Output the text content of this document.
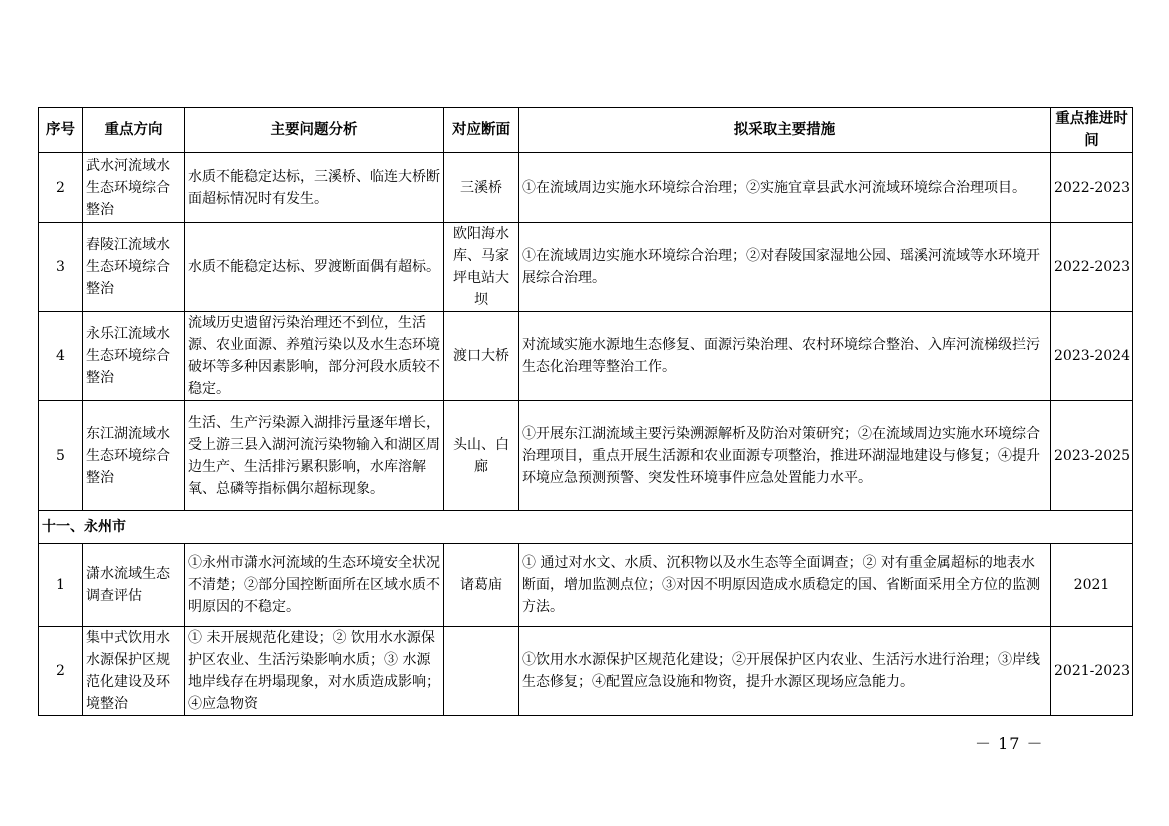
序号	重点方向	主要问题分析	对应断面	拟采取主要措施	重点推进时间
2	武水河流域水生态环境综合整治	水质不能稳定达标，三溪桥、临连大桥断面超标情况时有发生。	三溪桥	①在流域周边实施水环境综合治理；②实施宜章县武水河流域环境综合治理项目。	2022-2023
3	舂陵江流域水生态环境综合整治	水质不能稳定达标、罗渡断面偶有超标。	欧阳海水库、马家坪电站大坝	①在流域周边实施水环境综合治理；②对舂陵国家湿地公园、瑶溪河流域等水环境开展综合治理。	2022-2023
4	永乐江流域水生态环境综合整治	流域历史遗留污染治理还不到位，生活源、农业面源、养殖污染以及水生态环境破坏等多种因素影响，部分河段水质较不稳定。	渡口大桥	对流域实施水源地生态修复、面源污染治理、农村环境综合整治、入库河流梯级拦污生态化治理等整治工作。	2023-2024
5	东江湖流域水生态环境综合整治	生活、生产污染源入湖排污量逐年增长，受上游三县入湖河流污染物输入和湖区周边生产、生活排污累积影响，水库溶解氧、总磷等指标偶尔超标现象。	头山、白廊	①开展东江湖流域主要污染溯源解析及防治对策研究；②在流域周边实施水环境综合治理项目，重点开展生活源和农业面源专项整治，推进环湖湿地建设与修复；④提升环境应急预测预警、突发性环境事件应急处置能力水平。	2023-2025
十一、永州市					
1	潇水流域生态调查评估	①永州市潇水河流域的生态环境安全状况不清楚；②部分国控断面所在区域水质不明原因的不稳定。	诸葛庙	① 通过对水文、水质、沉积物以及水生态等全面调查；② 对有重金属超标的地表水断面，增加监测点位；③对因不明原因造成水质稳定的国、省断面采用全方位的监测方法。	2021
2	集中式饮用水水源保护区规范化建设及环境整治	① 未开展规范化建设；② 饮用水水源保护区农业、生活污染影响水质；③ 水源地岸线存在坍塌现象，对水质造成影响；④应急物资		①饮用水水源保护区规范化建设；②开展保护区内农业、生活污水进行治理；③岸线生态修复；④配置应急设施和物资，提升水源区现场应急能力。	2021-2023
－ 17 －
